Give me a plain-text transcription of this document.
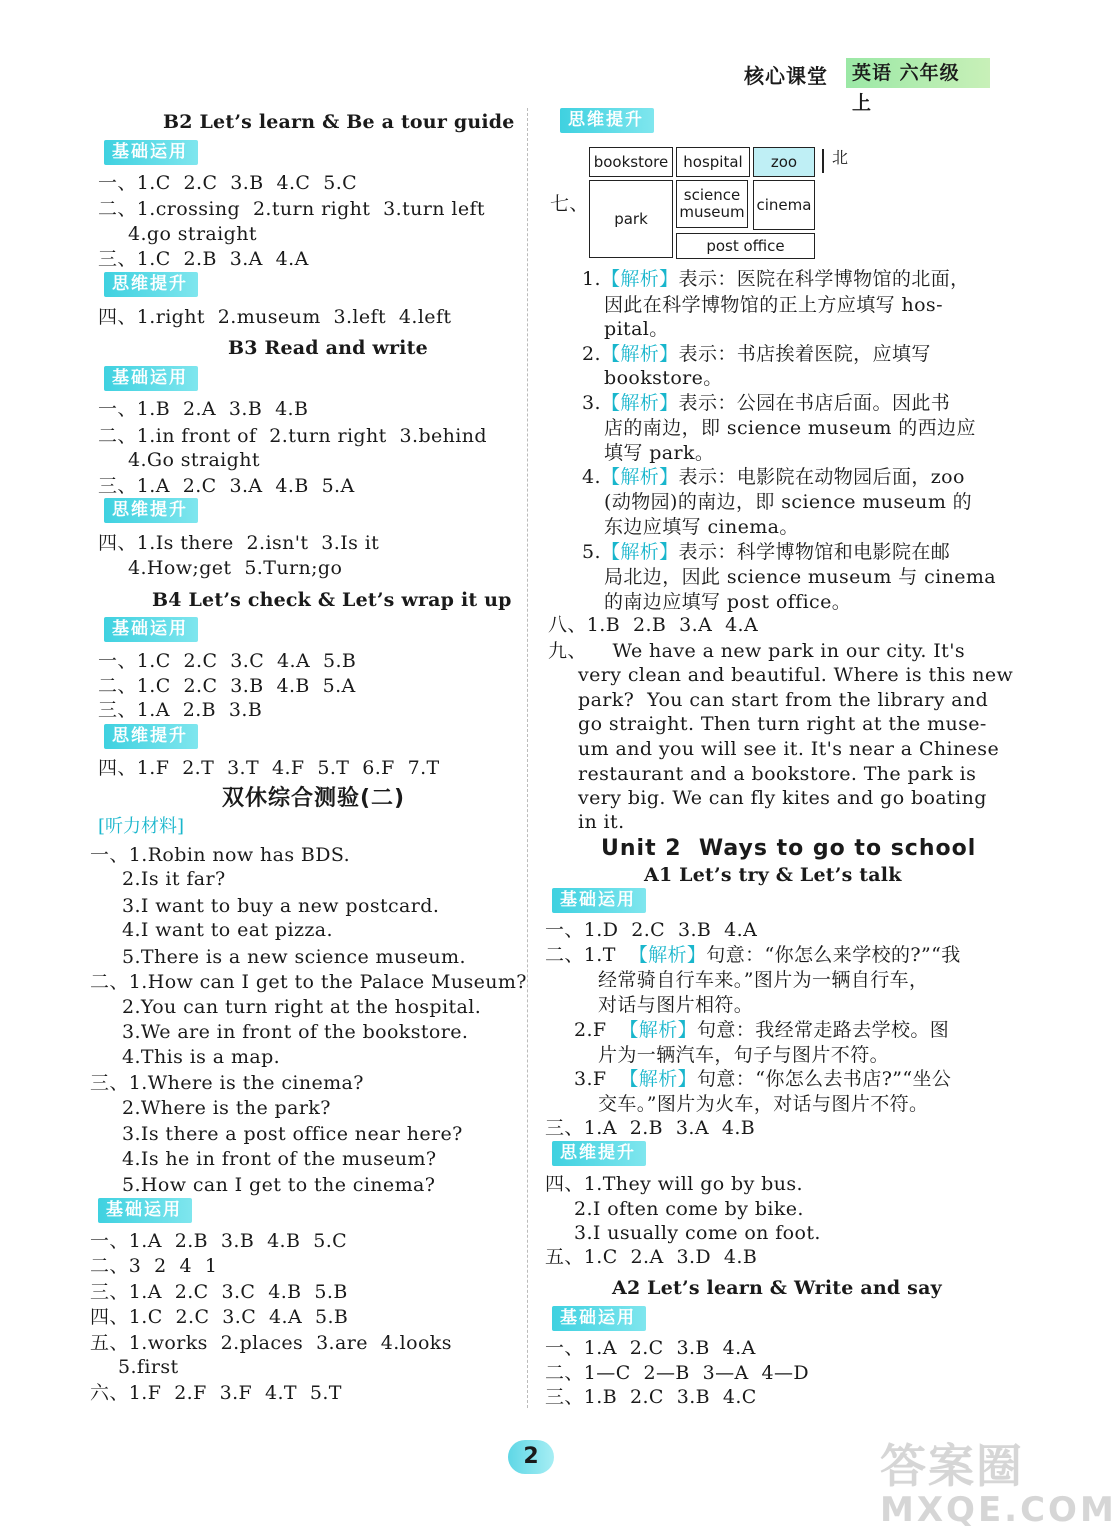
核心课堂	英语 六年级上
B2 Let’s learn & Be a tour guide
基础运用
一、1.C  2.C  3.B  4.C  5.C
二、1.crossing  2.turn right  3.turn left
4.go straight
三、1.C  2.B  3.A  4.A
思维提升
四、1.right  2.museum  3.left  4.left
B3 Read and write
基础运用
一、1.B  2.A  3.B  4.B
二、1.in front of  2.turn right  3.behind
4.Go straight
三、1.A  2.C  3.A  4.B  5.A
思维提升
四、1.Is there  2.isn't  3.Is it
4.How;get  5.Turn;go
B4 Let’s check & Let’s wrap it up
基础运用
一、1.C  2.C  3.C  4.A  5.B
二、1.C  2.C  3.B  4.B  5.A
三、1.A  2.B  3.B
思维提升
四、1.F  2.T  3.T  4.F  5.T  6.F  7.T
双休综合测验(二)
[听力材料]
一、1.Robin now has BDS.
2.Is it far?
3.I want to buy a new postcard.
4.I want to eat pizza.
5.There is a new science museum.
二、1.How can I get to the Palace Museum?
2.You can turn right at the hospital.
3.We are in front of the bookstore.
4.This is a map.
三、1.Where is the cinema?
2.Where is the park?
3.Is there a post office near here?
4.Is he in front of the museum?
5.How can I get to the cinema?
基础运用
一、1.A  2.B  3.B  4.B  5.C
二、3  2  4  1
三、1.A  2.C  3.C  4.B  5.B
四、1.C  2.C  3.C  4.A  5.B
五、1.works  2.places  3.are  4.looks
5.first
六、1.F  2.F  3.F  4.T  5.T
思维提升
七、
bookstore	hospital	zoo	北
park
science museum cinema
post office
1.【解析】表示：医院在科学博物馆的北面，
因此在科学博物馆的正上方应填写 hos-
pital。
2.【解析】表示：书店挨着医院，应填写
bookstore。
3.【解析】表示：公园在书店后面。因此书
店的南边，即 science museum 的西边应
填写 park。
4.【解析】表示：电影院在动物园后面，zoo
(动物园)的南边，即 science museum 的
东边应填写 cinema。
5.【解析】表示：科学博物馆和电影院在邮
局北边，因此 science museum 与 cinema
的南边应填写 post office。
八、1.B  2.B  3.A  4.A
九、    We have a new park in our city. It's
very clean and beautiful. Where is this new
park?  You can start from the library and
go straight. Then turn right at the muse-
um and you will see it. It's near a Chinese
restaurant and a bookstore. The park is
very big. We can fly kites and go boating
in it.
Unit 2  Ways to go to school
A1 Let’s try & Let’s talk
基础运用
一、1.D  2.C  3.B  4.A
二、1.T  【解析】句意：“你怎么来学校的?”“我
经常骑自行车来。”图片为一辆自行车，
对话与图片相符。
2.F  【解析】句意：我经常走路去学校。图
片为一辆汽车，句子与图片不符。
3.F  【解析】句意：“你怎么去书店?”“坐公
交车。”图片为火车，对话与图片不符。
三、1.A  2.B  3.A  4.B
思维提升
四、1.They will go by bus.
2.I often come by bike.
3.I usually come on foot.
五、1.C  2.A  3.D  4.B
A2 Let’s learn & Write and say
基础运用
一、1.A  2.C  3.B  4.A
二、1—C  2—B  3—A  4—D
三、1.B  2.C  3.B  4.C
2	答案圈
MXQE.COM
